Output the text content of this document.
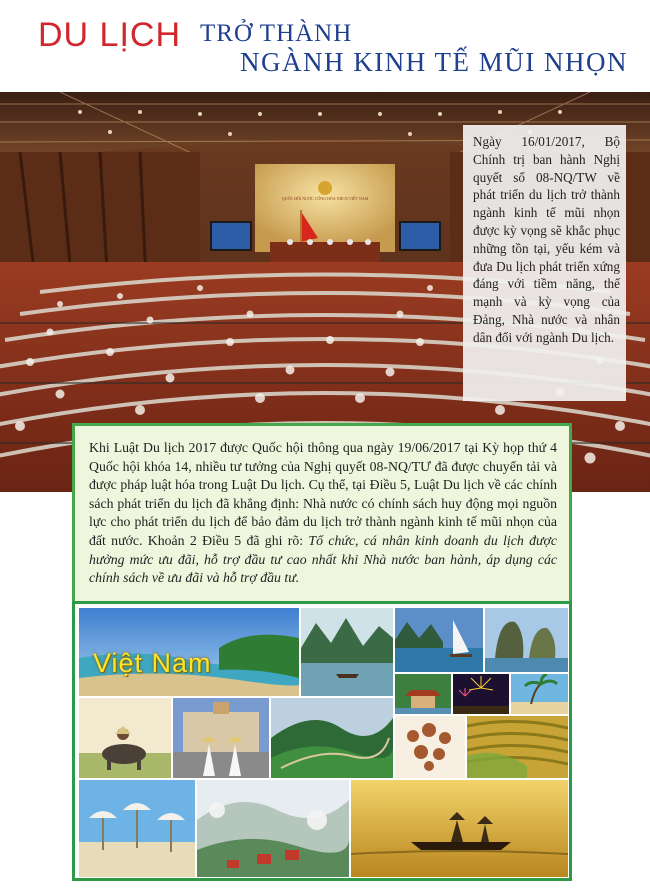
DU LỊCH TRỞ THÀNH
NGÀNH KINH TẾ MŨI NHỌN
QUỐC HỘI NƯỚC CỘNG HÒA XHCN VIỆT NAM
Ngày 16/01/2017, Bộ Chính trị ban hành Nghị quyết số 08-NQ/TW về phát triển du lịch trở thành ngành kinh tế mũi nhọn được kỳ vọng sẽ khắc phục những tồn tại, yếu kém và đưa Du lịch phát triển xứng đáng với tiềm năng, thế mạnh và kỳ vọng của Đảng, Nhà nước và nhân dân đối với ngành Du lịch.
Khi Luật Du lịch 2017 được Quốc hội thông qua ngày 19/06/2017 tại Kỳ họp thứ 4 Quốc hội khóa 14, nhiều tư tưởng của Nghị quyết 08-NQ/TƯ đã được chuyển tải và được pháp luật hóa trong Luật Du lịch. Cụ thể, tại Điều 5, Luật Du lịch về các chính sách phát triển du lịch đã khẳng định: Nhà nước có chính sách huy động mọi nguồn lực cho phát triển du lịch để bảo đảm du lịch trở thành ngành kinh tế mũi nhọn của đất nước. Khoản 2 Điều 5 đã ghi rõ: Tổ chức, cá nhân kinh doanh du lịch được hưởng mức ưu đãi, hỗ trợ đầu tư cao nhất khi Nhà nước ban hành, áp dụng các chính sách về ưu đãi và hỗ trợ đầu tư.
Việt Nam
